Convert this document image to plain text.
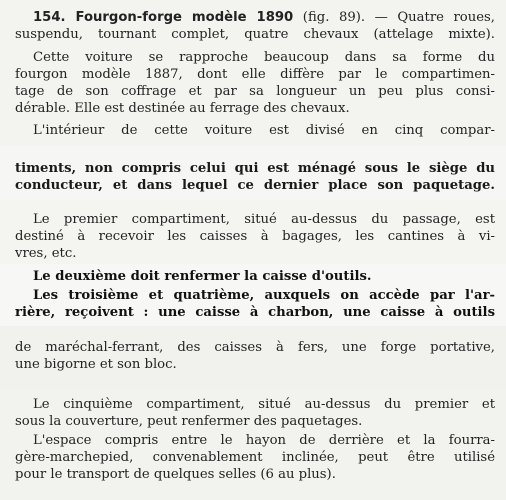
154. Fourgon-forge modèle 1890 (fig. 89). — Quatre roues,
suspendu, tournant complet, quatre chevaux (attelage mixte).
Cette voiture se rapproche beaucoup dans sa forme du
fourgon modèle 1887, dont elle diffère par le compartimen-
tage de son coffrage et par sa longueur un peu plus consi-
dérable. Elle est destinée au ferrage des chevaux.
L'intérieur de cette voiture est divisé en cinq compar-
timents, non compris celui qui est ménagé sous le siège du
conducteur, et dans lequel ce dernier place son paquetage.
Le premier compartiment, situé au-dessus du passage, est
destiné à recevoir les caisses à bagages, les cantines à vi-
vres, etc.
Le deuxième doit renfermer la caisse d'outils.
Les troisième et quatrième, auxquels on accède par l'ar-
rière, reçoivent : une caisse à charbon, une caisse à outils
de maréchal-ferrant, des caisses à fers, une forge portative,
une bigorne et son bloc.
Le cinquième compartiment, situé au-dessus du premier et
sous la couverture, peut renfermer des paquetages.
L'espace compris entre le hayon de derrière et la fourra-
gère-marchepied, convenablement inclinée, peut être utilisé
pour le transport de quelques selles (6 au plus).
